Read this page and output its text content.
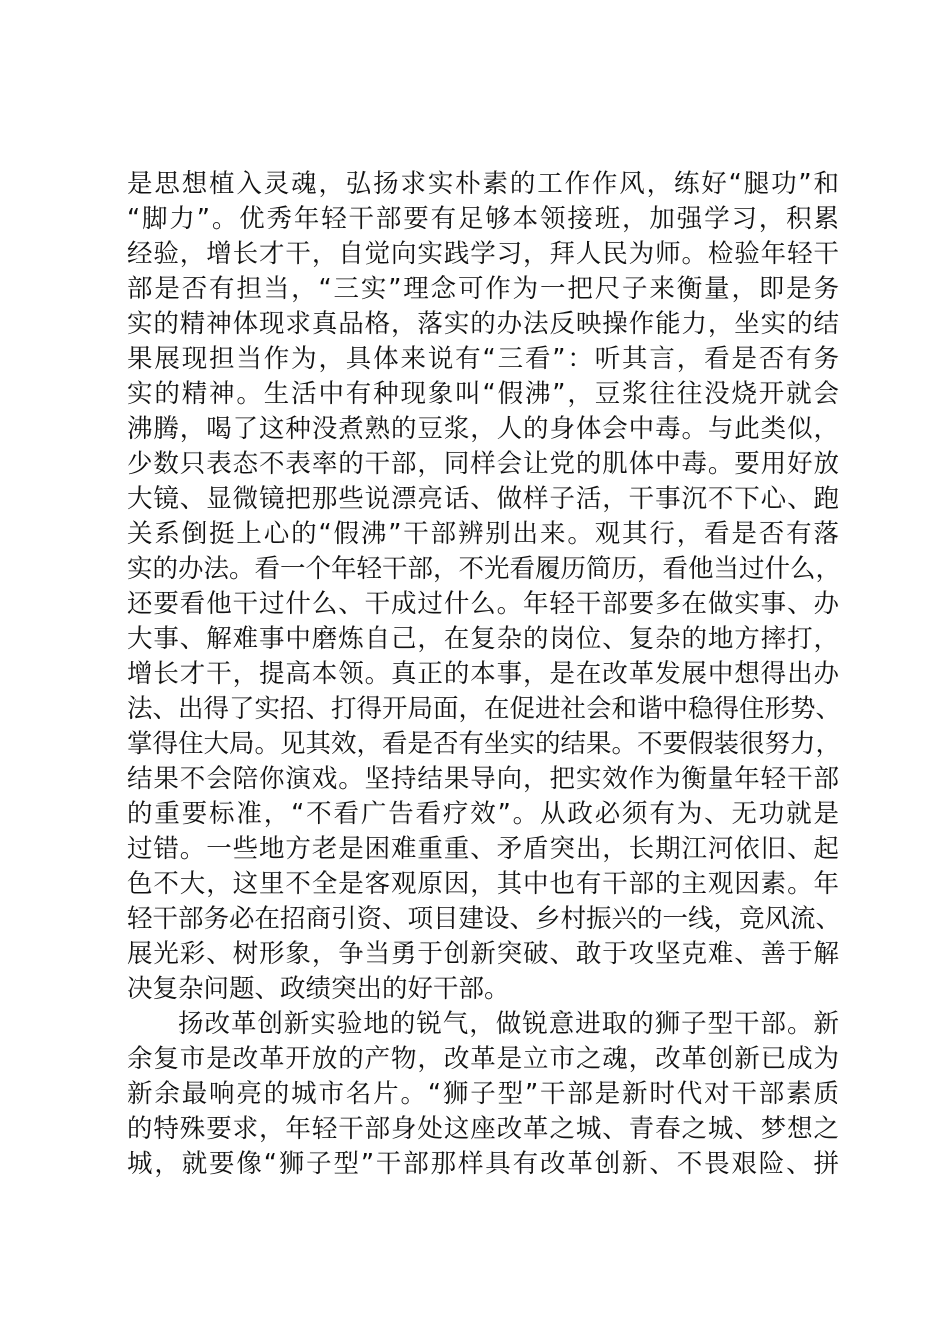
是思想植入灵魂，弘扬求实朴素的工作作风，练好“腿功”和
“脚力”。优秀年轻干部要有足够本领接班，加强学习，积累
经验，增长才干，自觉向实践学习，拜人民为师。检验年轻干
部是否有担当，“三实”理念可作为一把尺子来衡量，即是务
实的精神体现求真品格，落实的办法反映操作能力，坐实的结
果展现担当作为，具体来说有“三看”：听其言，看是否有务
实的精神。生活中有种现象叫“假沸”，豆浆往往没烧开就会
沸腾，喝了这种没煮熟的豆浆，人的身体会中毒。与此类似，
少数只表态不表率的干部，同样会让党的肌体中毒。要用好放
大镜、显微镜把那些说漂亮话、做样子活，干事沉不下心、跑
关系倒挺上心的“假沸”干部辨别出来。观其行，看是否有落
实的办法。看一个年轻干部，不光看履历简历，看他当过什么，
还要看他干过什么、干成过什么。年轻干部要多在做实事、办
大事、解难事中磨炼自己，在复杂的岗位、复杂的地方摔打，
增长才干，提高本领。真正的本事，是在改革发展中想得出办
法、出得了实招、打得开局面，在促进社会和谐中稳得住形势、
掌得住大局。见其效，看是否有坐实的结果。不要假装很努力，
结果不会陪你演戏。坚持结果导向，把实效作为衡量年轻干部
的重要标准，“不看广告看疗效”。从政必须有为、无功就是
过错。一些地方老是困难重重、矛盾突出，长期江河依旧、起
色不大，这里不全是客观原因，其中也有干部的主观因素。年
轻干部务必在招商引资、项目建设、乡村振兴的一线，竞风流、
展光彩、树形象，争当勇于创新突破、敢于攻坚克难、善于解
决复杂问题、政绩突出的好干部。
扬改革创新实验地的锐气，做锐意进取的狮子型干部。新
余复市是改革开放的产物，改革是立市之魂，改革创新已成为
新余最响亮的城市名片。“狮子型”干部是新时代对干部素质
的特殊要求，年轻干部身处这座改革之城、青春之城、梦想之
城，就要像“狮子型”干部那样具有改革创新、不畏艰险、拼
